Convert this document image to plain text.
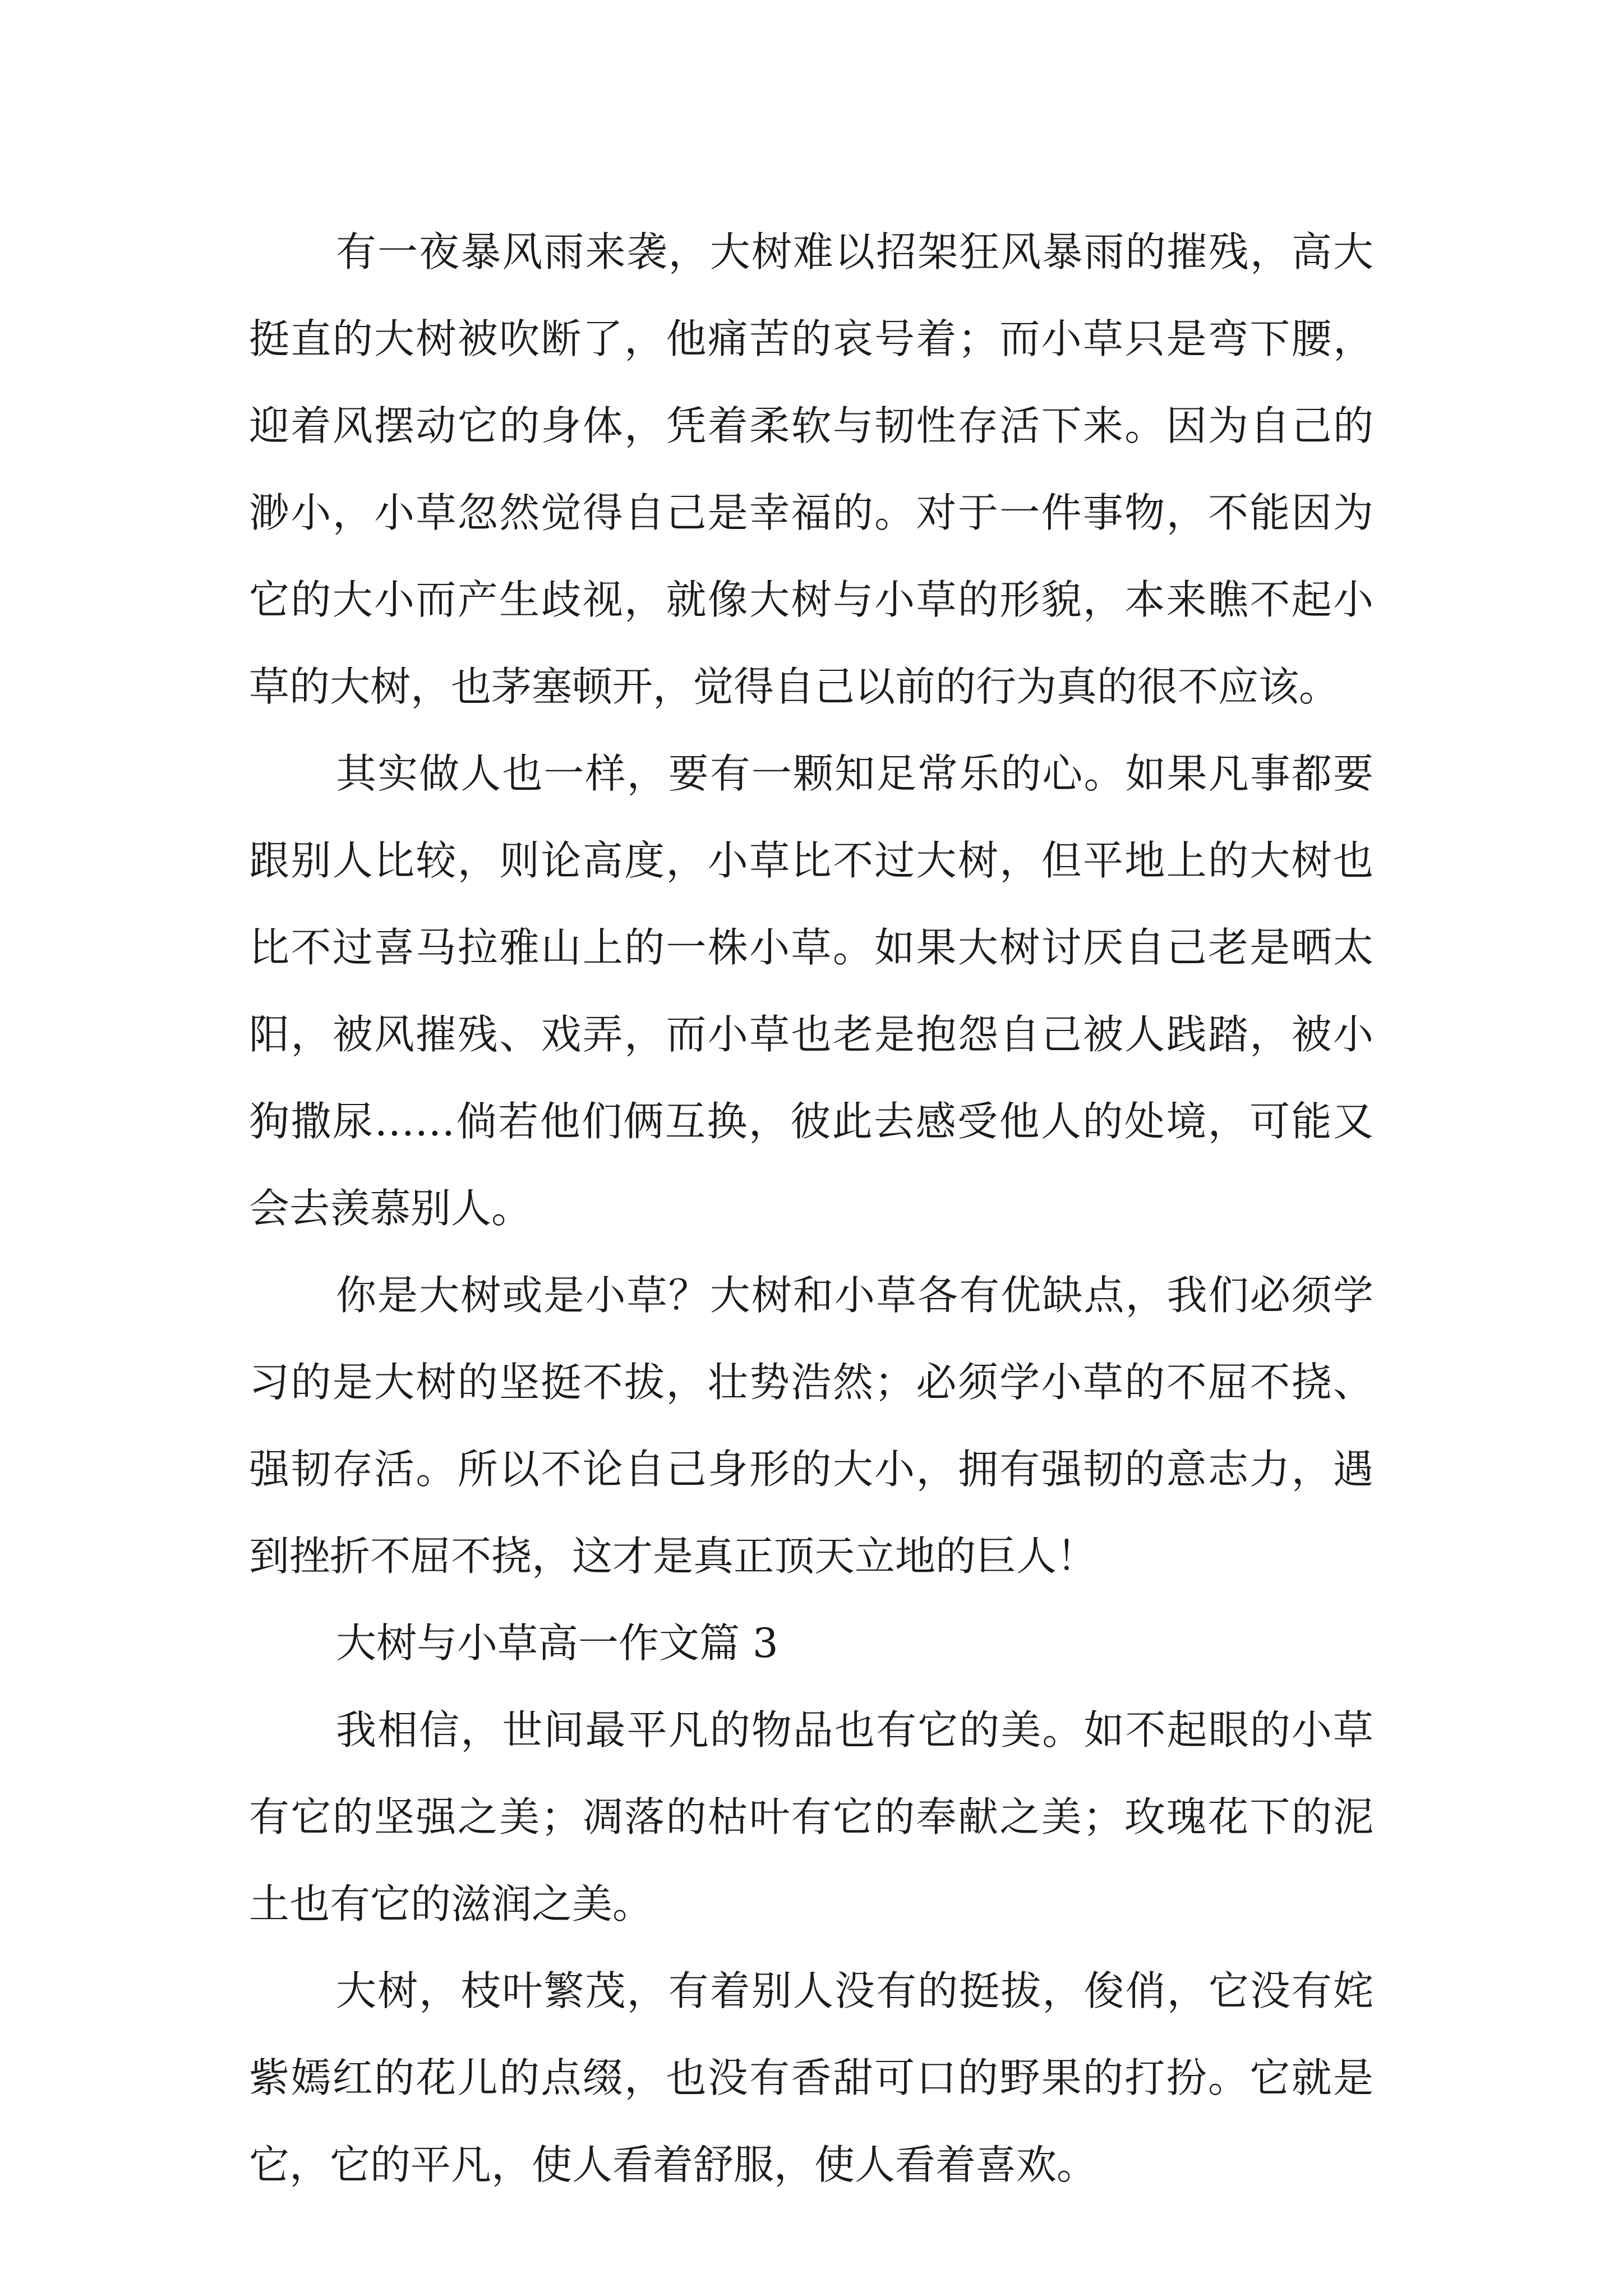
有一夜暴风雨来袭，大树难以招架狂风暴雨的摧残，高大挺直的大树被吹断了，他痛苦的哀号着；而小草只是弯下腰，迎着风摆动它的身体，凭着柔软与韧性存活下来。因为自己的渺小，小草忽然觉得自己是幸福的。对于一件事物，不能因为它的大小而产生歧视，就像大树与小草的形貌，本来瞧不起小草的大树，也茅塞顿开，觉得自己以前的行为真的很不应该。

其实做人也一样，要有一颗知足常乐的心。如果凡事都要跟别人比较，则论高度，小草比不过大树，但平地上的大树也比不过喜马拉雅山上的一株小草。如果大树讨厌自己老是晒太阳，被风摧残、戏弄，而小草也老是抱怨自己被人践踏，被小狗撒尿……倘若他们俩互换，彼此去感受他人的处境，可能又会去羡慕别人。

你是大树或是小草？大树和小草各有优缺点，我们必须学习的是大树的坚挺不拔，壮势浩然；必须学小草的不屈不挠、强韧存活。所以不论自己身形的大小，拥有强韧的意志力，遇到挫折不屈不挠，这才是真正顶天立地的巨人！

大树与小草高一作文篇 3

我相信，世间最平凡的物品也有它的美。如不起眼的小草有它的坚强之美；凋落的枯叶有它的奉献之美；玫瑰花下的泥土也有它的滋润之美。

大树，枝叶繁茂，有着别人没有的挺拔，俊俏，它没有姹紫嫣红的花儿的点缀，也没有香甜可口的野果的打扮。它就是它，它的平凡，使人看着舒服，使人看着喜欢。
